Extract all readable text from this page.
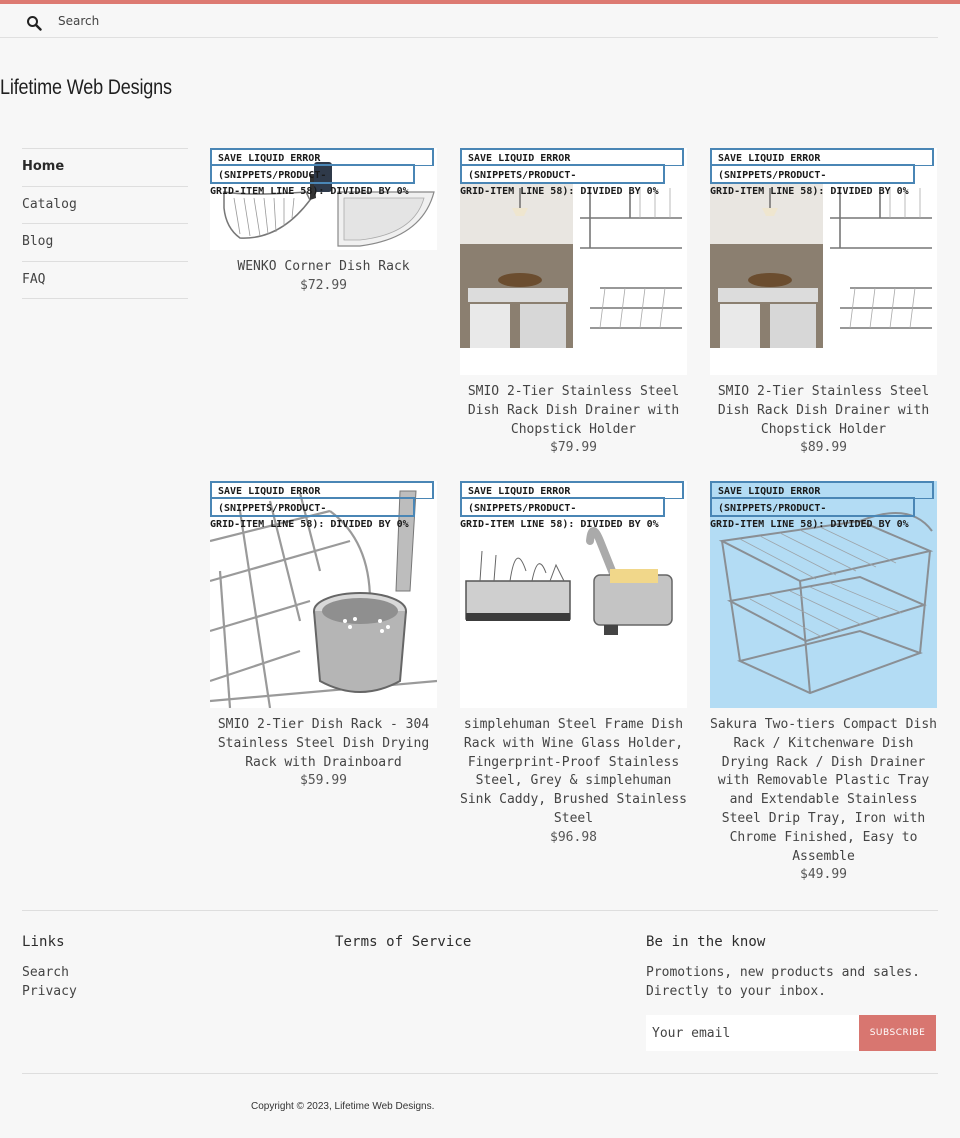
Search
Lifetime Web Designs
Home
Catalog
Blog
FAQ
SAVE LIQUID ERROR (SNIPPETS/PRODUCT-
GRID-ITEM LINE 58): DIVIDED BY 0%
WENKO Corner Dish Rack
$72.99
SAVE LIQUID ERROR (SNIPPETS/PRODUCT-
GRID-ITEM LINE 58): DIVIDED BY 0%
SMIO 2-Tier Stainless Steel Dish Rack Dish Drainer with Chopstick Holder
$79.99
SAVE LIQUID ERROR (SNIPPETS/PRODUCT-
GRID-ITEM LINE 58): DIVIDED BY 0%
SMIO 2-Tier Stainless Steel Dish Rack Dish Drainer with Chopstick Holder
$89.99
SAVE LIQUID ERROR (SNIPPETS/PRODUCT-
GRID-ITEM LINE 58): DIVIDED BY 0%
SMIO 2-Tier Dish Rack - 304 Stainless Steel Dish Drying Rack with Drainboard
$59.99
SAVE LIQUID ERROR (SNIPPETS/PRODUCT-
GRID-ITEM LINE 58): DIVIDED BY 0%
simplehuman Steel Frame Dish Rack with Wine Glass Holder, Fingerprint-Proof Stainless Steel, Grey & simplehuman Sink Caddy, Brushed Stainless Steel
$96.98
SAVE LIQUID ERROR (SNIPPETS/PRODUCT-
GRID-ITEM LINE 58): DIVIDED BY 0%
Sakura Two-tiers Compact Dish Rack / Kitchenware Dish Drying Rack / Dish Drainer with Removable Plastic Tray and Extendable Stainless Steel Drip Tray, Iron with Chrome Finished, Easy to Assemble
$49.99
Links
Search
Privacy
Terms of Service	Be in the know

Promotions, new products and sales. Directly to your inbox.

Your email
SUBSCRIBE
Copyright © 2023, Lifetime Web Designs.
